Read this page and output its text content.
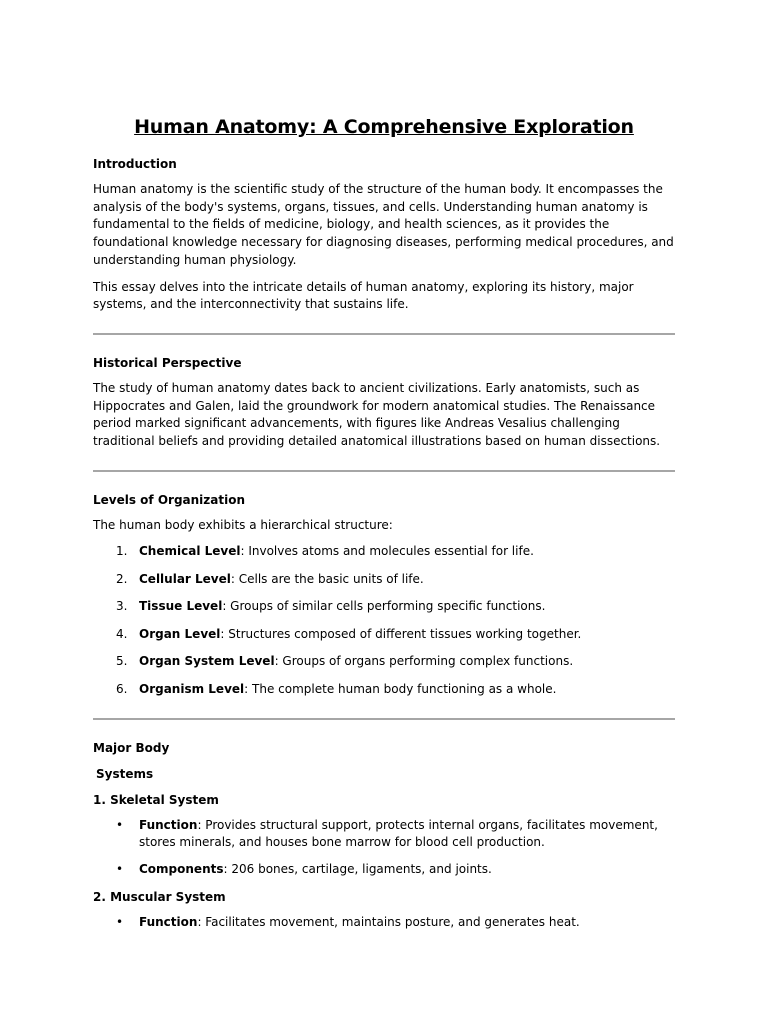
Human Anatomy: A Comprehensive Exploration
Introduction

Human anatomy is the scientific study of the structure of the human body. It encompasses the analysis of the body's systems, organs, tissues, and cells. Understanding human anatomy is fundamental to the fields of medicine, biology, and health sciences, as it provides the foundational knowledge necessary for diagnosing diseases, performing medical procedures, and understanding human physiology.

This essay delves into the intricate details of human anatomy, exploring its history, major systems, and the interconnectivity that sustains life.

Historical Perspective

The study of human anatomy dates back to ancient civilizations. Early anatomists, such as Hippocrates and Galen, laid the groundwork for modern anatomical studies. The Renaissance period marked significant advancements, with figures like Andreas Vesalius challenging traditional beliefs and providing detailed anatomical illustrations based on human dissections.

Levels of Organization

The human body exhibits a hierarchical structure:

1. Chemical Level: Involves atoms and molecules essential for life.
2. Cellular Level: Cells are the basic units of life.
3. Tissue Level: Groups of similar cells performing specific functions.
4. Organ Level: Structures composed of different tissues working together.
5. Organ System Level: Groups of organs performing complex functions.
6. Organism Level: The complete human body functioning as a whole.
Major Body
Systems
1. Skeletal System
• Function: Provides structural support, protects internal organs, facilitates movement, stores minerals, and houses bone marrow for blood cell production.
• Components: 206 bones, cartilage, ligaments, and joints.
2. Muscular System
• Function: Facilitates movement, maintains posture, and generates heat.
